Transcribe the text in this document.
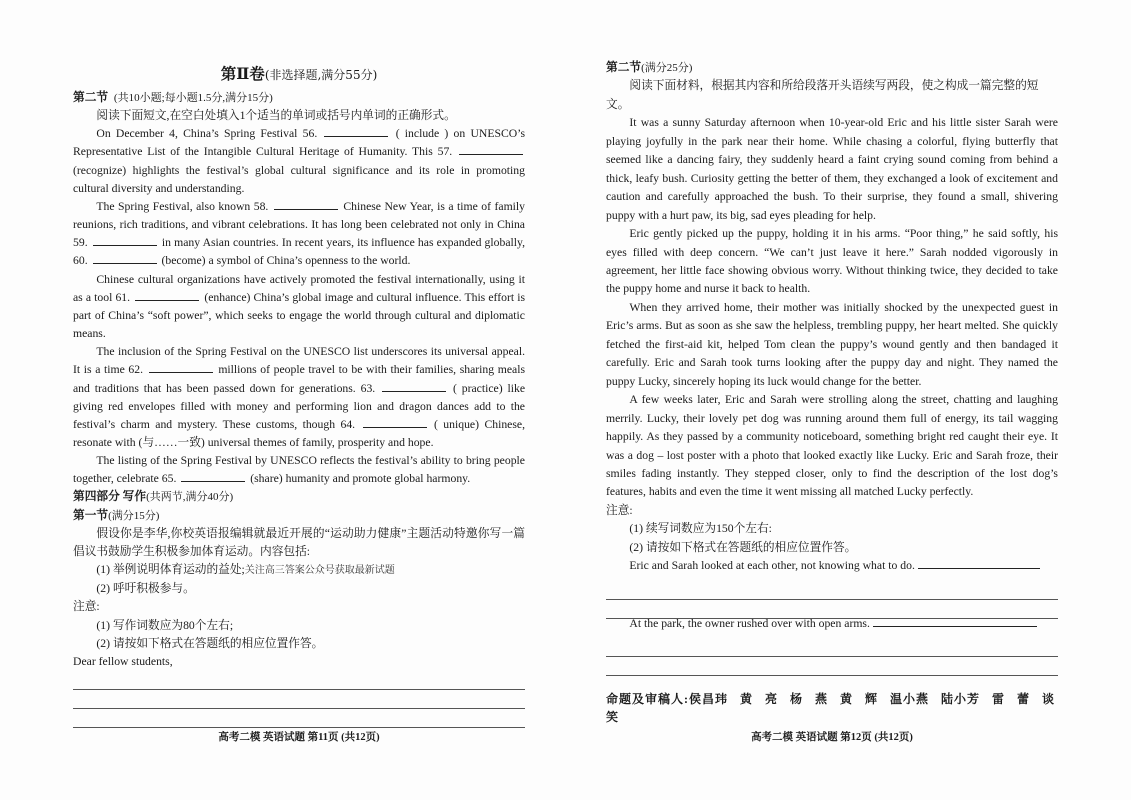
第Ⅱ卷(非选择题,满分55分)
第二节 (共10小题;每小题1.5分,满分15分)
阅读下面短文,在空白处填入1个适当的单词或括号内单词的正确形式。
On December 4, China’s Spring Festival 56.	( include ) on UNESCO’s Representative List of the Intangible Cultural Heritage of Humanity. This 57.  (recognize) highlights the festival’s global cultural significance and its role in promoting cultural diversity and understanding.
The Spring Festival, also known 58.	Chinese New Year, is a time of family reunions, rich traditions, and vibrant celebrations. It has long been celebrated not only in China 59.	in many Asian countries. In recent years, its influence has expanded globally, 60.	(become) a symbol of China’s openness to the world.
Chinese cultural organizations have actively promoted the festival internationally, using it as a tool 61.	(enhance) China’s global image and cultural influence. This effort is part of China’s “soft power”, which seeks to engage the world through cultural and diplomatic means.
The inclusion of the Spring Festival on the UNESCO list underscores its universal appeal. It is a time 62.	millions of people travel to be with their families, sharing meals and traditions that has been passed down for generations. 63.	( practice) like giving red envelopes filled with money and performing lion and dragon dances add to the festival’s charm and mystery. These customs, though 64.	( unique) Chinese, resonate with (与……一致) universal themes of family, prosperity and hope.
The listing of the Spring Festival by UNESCO reflects the festival’s ability to bring people together, celebrate 65.	(share) humanity and promote global harmony.
第四部分 写作(共两节,满分40分)
第一节(满分15分)
假设你是李华,你校英语报编辑就最近开展的“运动助力健康”主题活动特邀你写一篇倡议书鼓励学生积极参加体育运动。内容包括:
(1) 举例说明体育运动的益处;关注高三答案公众号获取最新试题
(2) 呼吁积极参与。
注意:
(1) 写作词数应为80个左右;
(2) 请按如下格式在答题纸的相应位置作答。
Dear fellow students,
高考二模 英语试题 第11页 (共12页)
第二节(满分25分)
阅读下面材料，根据其内容和所给段落开头语续写两段，使之构成一篇完整的短文。
It was a sunny Saturday afternoon when 10-year-old Eric and his little sister Sarah were playing joyfully in the park near their home. While chasing a colorful, flying butterfly that seemed like a dancing fairy, they suddenly heard a faint crying sound coming from behind a thick, leafy bush. Curiosity getting the better of them, they exchanged a look of excitement and caution and carefully approached the bush. To their surprise, they found a small, shivering puppy with a hurt paw, its big, sad eyes pleading for help.
Eric gently picked up the puppy, holding it in his arms. “Poor thing,” he said softly, his eyes filled with deep concern. “We can’t just leave it here.” Sarah nodded vigorously in agreement, her little face showing obvious worry. Without thinking twice, they decided to take the puppy home and nurse it back to health.
When they arrived home, their mother was initially shocked by the unexpected guest in Eric’s arms. But as soon as she saw the helpless, trembling puppy, her heart melted. She quickly fetched the first-aid kit, helped Tom clean the puppy’s wound gently and then bandaged it carefully. Eric and Sarah took turns looking after the puppy day and night. They named the puppy Lucky, sincerely hoping its luck would change for the better.
A few weeks later, Eric and Sarah were strolling along the street, chatting and laughing merrily. Lucky, their lovely pet dog was running around them full of energy, its tail wagging happily. As they passed by a community noticeboard, something bright red caught their eye. It was a dog – lost poster with a photo that looked exactly like Lucky. Eric and Sarah froze, their smiles fading instantly. They stepped closer, only to find the description of the lost dog’s features, habits and even the time it went missing all matched Lucky perfectly.
注意:
(1) 续写词数应为150个左右:
(2) 请按如下格式在答题纸的相应位置作答。
Eric and Sarah looked at each other, not knowing what to do.
At the park, the owner rushed over with open arms.
命题及审稿人:侯昌玮 黄 亮 杨 燕 黄 辉 温小燕 陆小芳 雷 蕾 谈 笑
高考二模 英语试题 第12页 (共12页)
